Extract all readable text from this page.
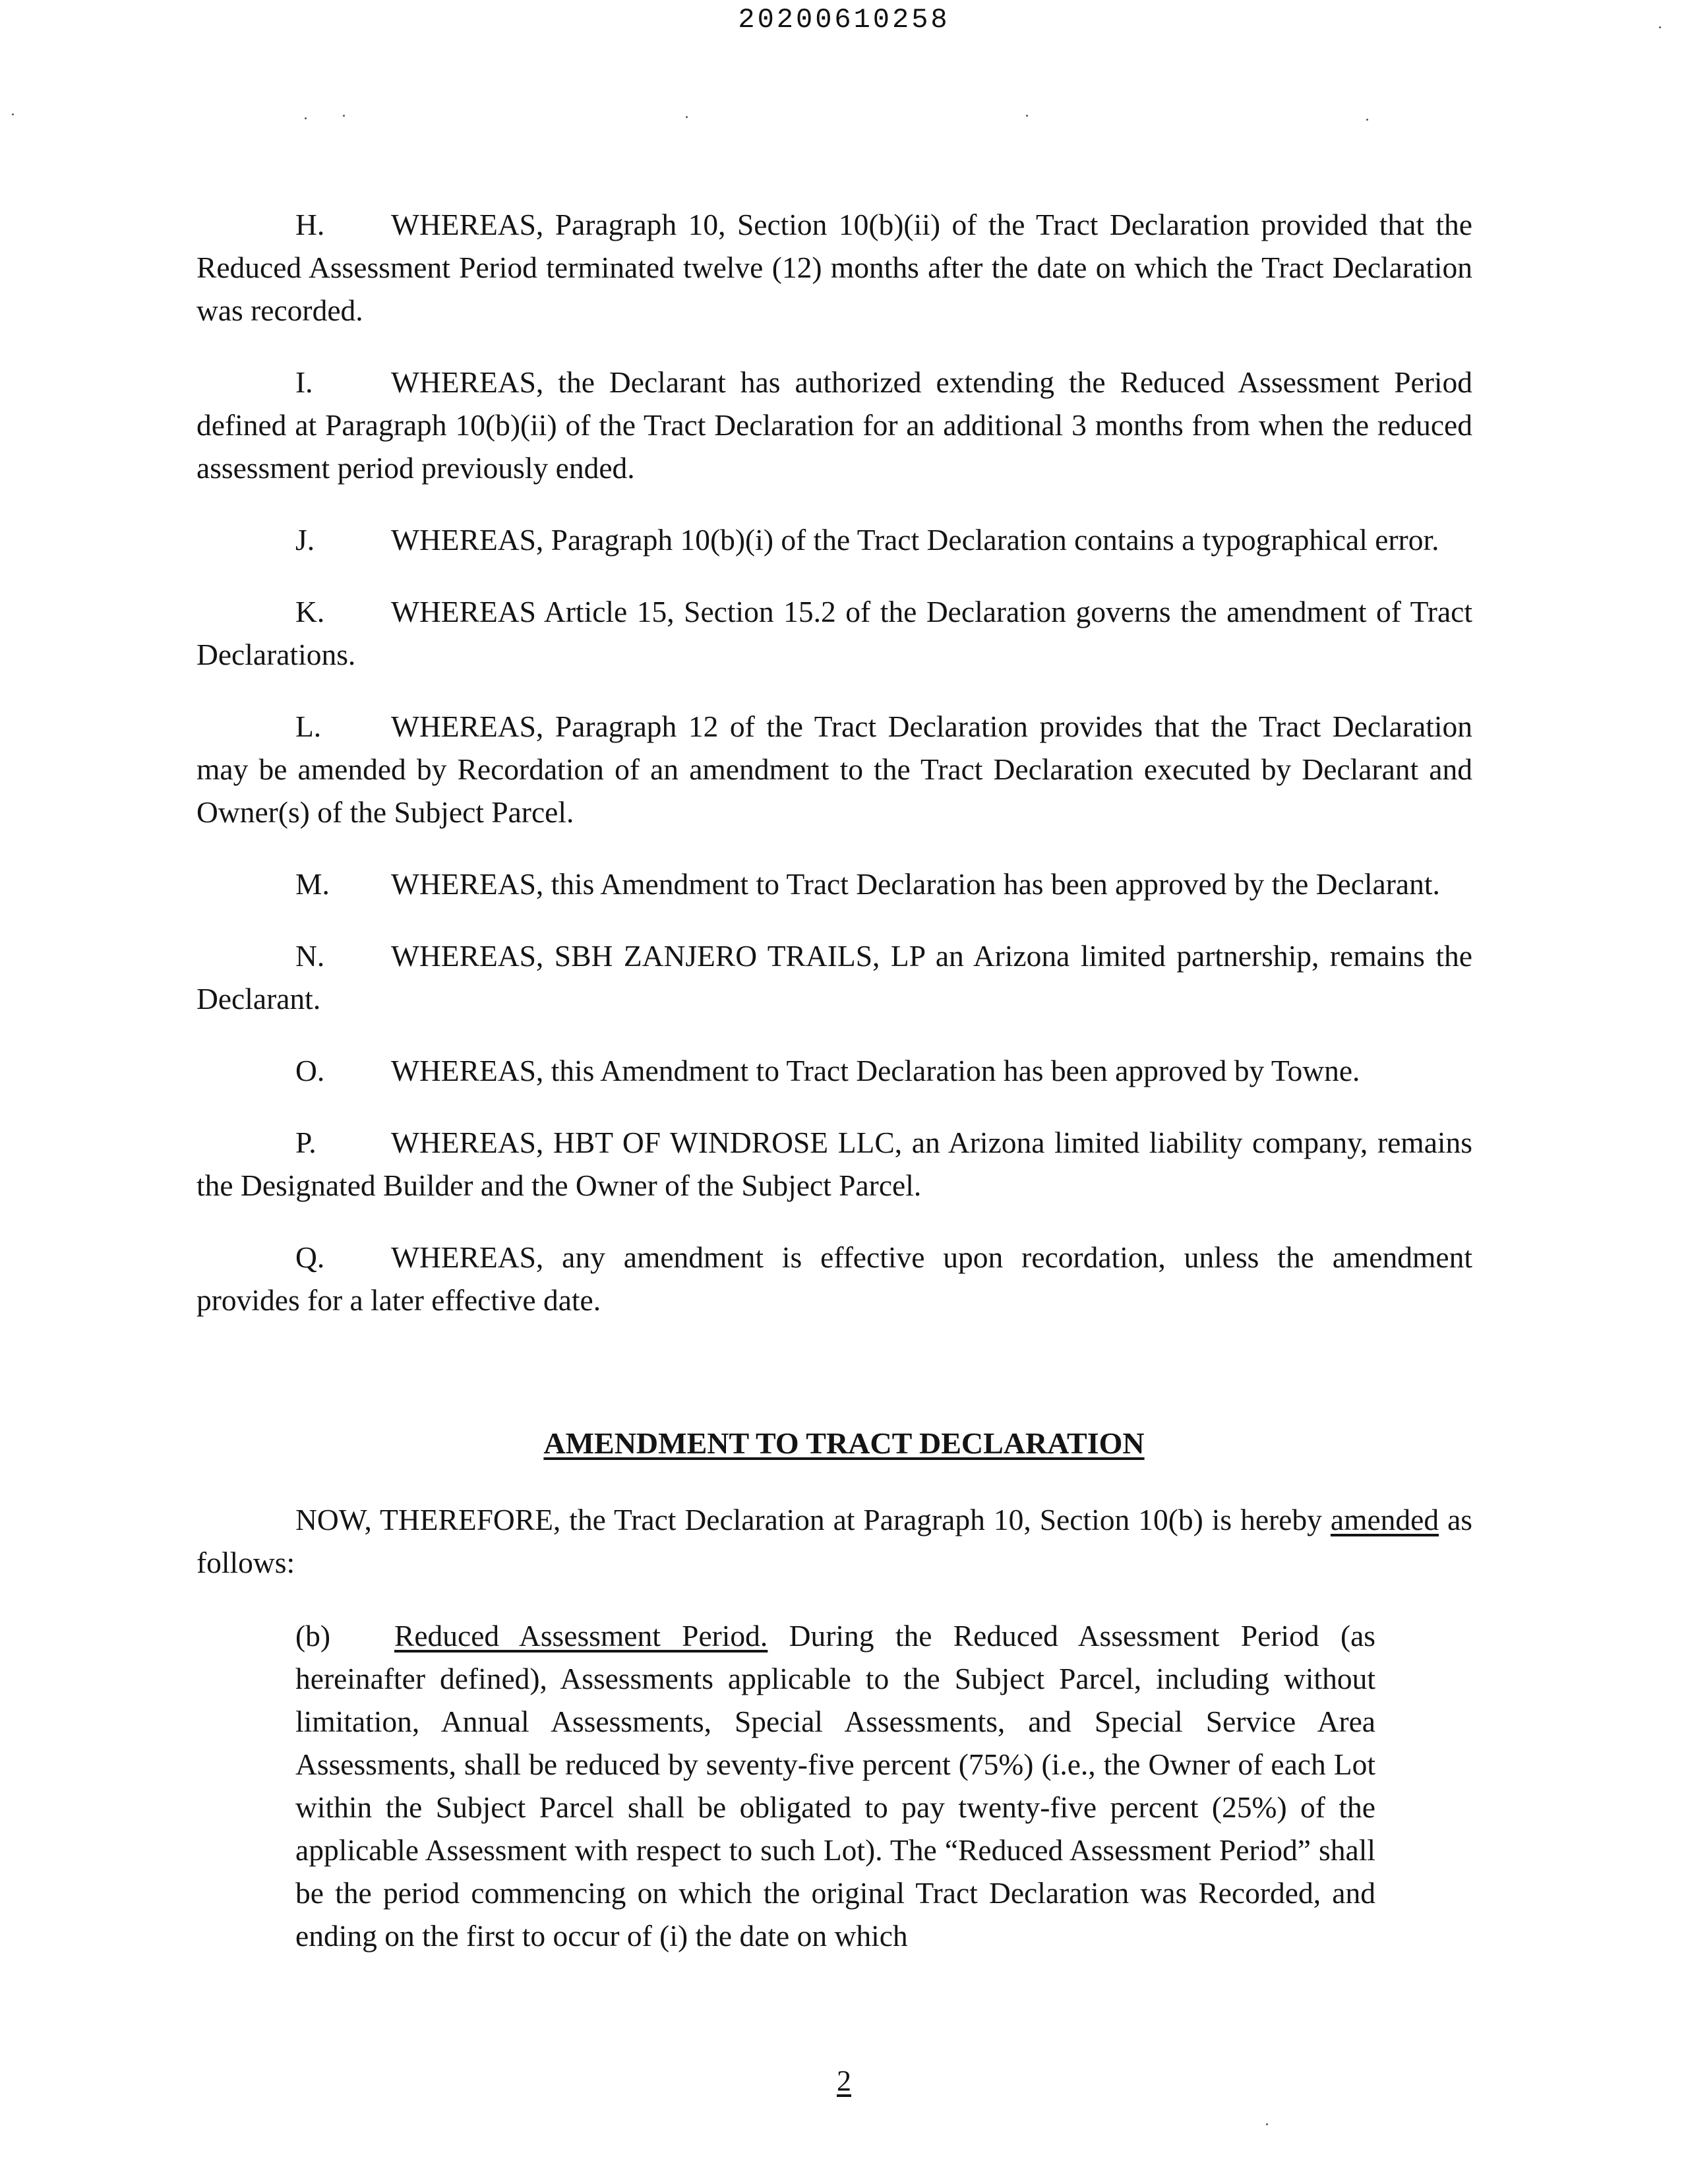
20200610258

H. WHEREAS, Paragraph 10, Section 10(b)(ii) of the Tract Declaration provided that the Reduced Assessment Period terminated twelve (12) months after the date on which the Tract Declaration was recorded.

I.	WHEREAS, the Declarant has authorized extending the Reduced Assessment Period defined at Paragraph 10(b)(ii) of the Tract Declaration for an additional 3 months from when the reduced assessment period previously ended.

J.	WHEREAS, Paragraph 10(b)(i) of the Tract Declaration contains a typographical error.

K. WHEREAS Article 15, Section 15.2 of the Declaration governs the amendment of Tract Declarations.

L. WHEREAS, Paragraph 12 of the Tract Declaration provides that the Tract Declaration may be amended by Recordation of an amendment to the Tract Declaration executed by Declarant and Owner(s) of the Subject Parcel.

M. WHEREAS, this Amendment to Tract Declaration has been approved by the Declarant.

N. WHEREAS, SBH ZANJERO TRAILS, LP an Arizona limited partnership, remains the Declarant.

O. WHEREAS, this Amendment to Tract Declaration has been approved by Towne.

P. WHEREAS, HBT OF WINDROSE LLC, an Arizona limited liability company, remains the Designated Builder and the Owner of the Subject Parcel.

Q. WHEREAS, any amendment is effective upon recordation, unless the amendment provides for a later effective date.

AMENDMENT TO TRACT DECLARATION

NOW, THEREFORE, the Tract Declaration at Paragraph 10, Section 10(b) is hereby amended as follows:

(b) Reduced Assessment Period. During the Reduced Assessment Period (as hereinafter defined), Assessments applicable to the Subject Parcel, including without limitation, Annual Assessments, Special Assessments, and Special Service Area Assessments, shall be reduced by seventy-five percent (75%) (i.e., the Owner of each Lot within the Subject Parcel shall be obligated to pay twenty-five percent (25%) of the applicable Assessment with respect to such Lot). The “Reduced Assessment Period” shall be the period commencing on which the original Tract Declaration was Recorded, and ending on the first to occur of (i) the date on which

2
